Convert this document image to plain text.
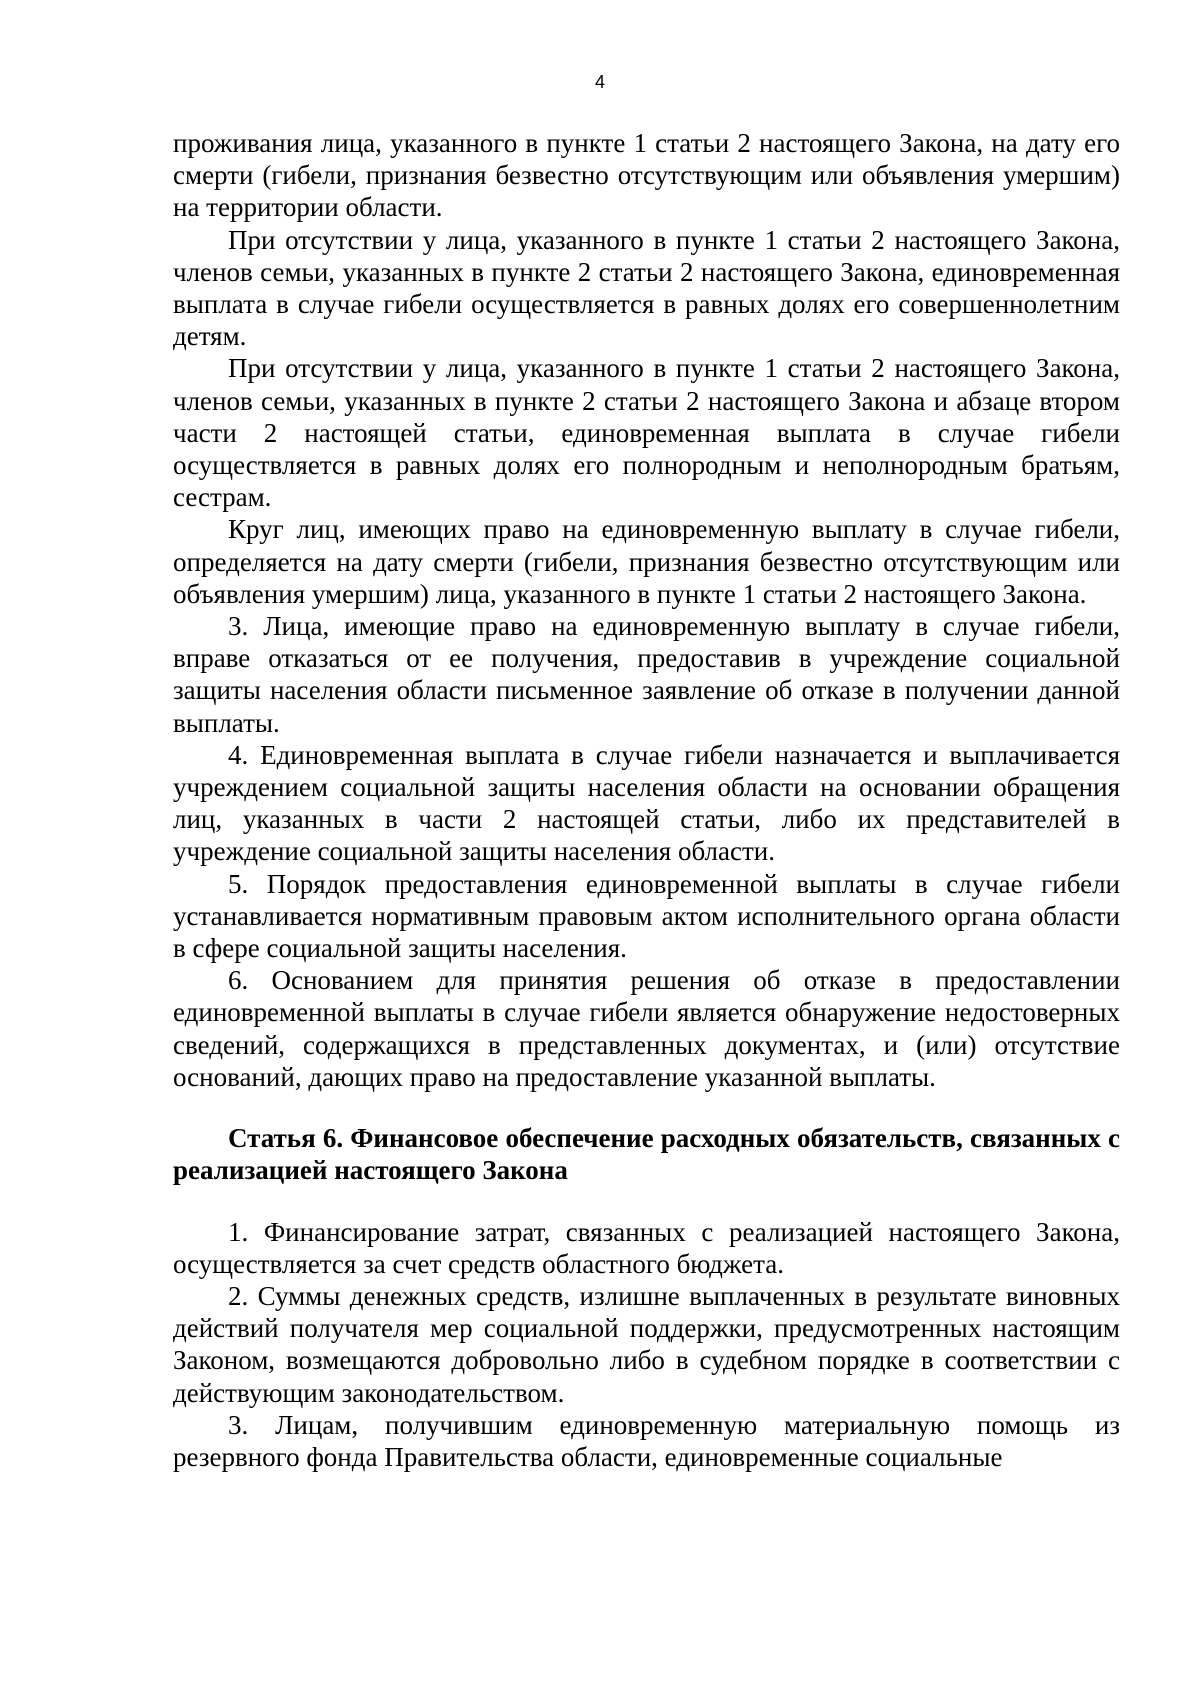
4

проживания лица, указанного в пункте 1 статьи 2 настоящего Закона, на дату его смерти (гибели, признания безвестно отсутствующим или объявления умершим) на территории области.

При отсутствии у лица, указанного в пункте 1 статьи 2 настоящего Закона, членов семьи, указанных в пункте 2 статьи 2 настоящего Закона, единовременная выплата в случае гибели осуществляется в равных долях его совершеннолетним детям.

При отсутствии у лица, указанного в пункте 1 статьи 2 настоящего Закона, членов семьи, указанных в пункте 2 статьи 2 настоящего Закона и абзаце втором части 2 настоящей статьи, единовременная выплата в случае гибели осуществляется в равных долях его полнородным и неполнородным братьям, сестрам.

Круг лиц, имеющих право на единовременную выплату в случае гибели, определяется на дату смерти (гибели, признания безвестно отсутствующим или объявления умершим) лица, указанного в пункте 1 статьи 2 настоящего Закона.

3. Лица, имеющие право на единовременную выплату в случае гибели, вправе отказаться от ее получения, предоставив в учреждение социальной защиты населения области письменное заявление об отказе в получении данной выплаты.

4. Единовременная выплата в случае гибели назначается и выплачивается учреждением социальной защиты населения области на основании обращения лиц, указанных в части 2 настоящей статьи, либо их представителей в учреждение социальной защиты населения области.

5. Порядок предоставления единовременной выплаты в случае гибели устанавливается нормативным правовым актом исполнительного органа области в сфере социальной защиты населения.

6. Основанием для принятия решения об отказе в предоставлении единовременной выплаты в случае гибели является обнаружение недостоверных сведений, содержащихся в представленных документах, и (или) отсутствие оснований, дающих право на предоставление указанной выплаты.

Статья 6. Финансовое обеспечение расходных обязательств, связанных с реализацией настоящего Закона

1. Финансирование затрат, связанных с реализацией настоящего Закона, осуществляется за счет средств областного бюджета.

2. Суммы денежных средств, излишне выплаченных в результате виновных действий получателя мер социальной поддержки, предусмотренных настоящим Законом, возмещаются добровольно либо в судебном порядке в соответствии с действующим законодательством.

3. Лицам, получившим единовременную материальную помощь из резервного фонда Правительства области, единовременные социальные
